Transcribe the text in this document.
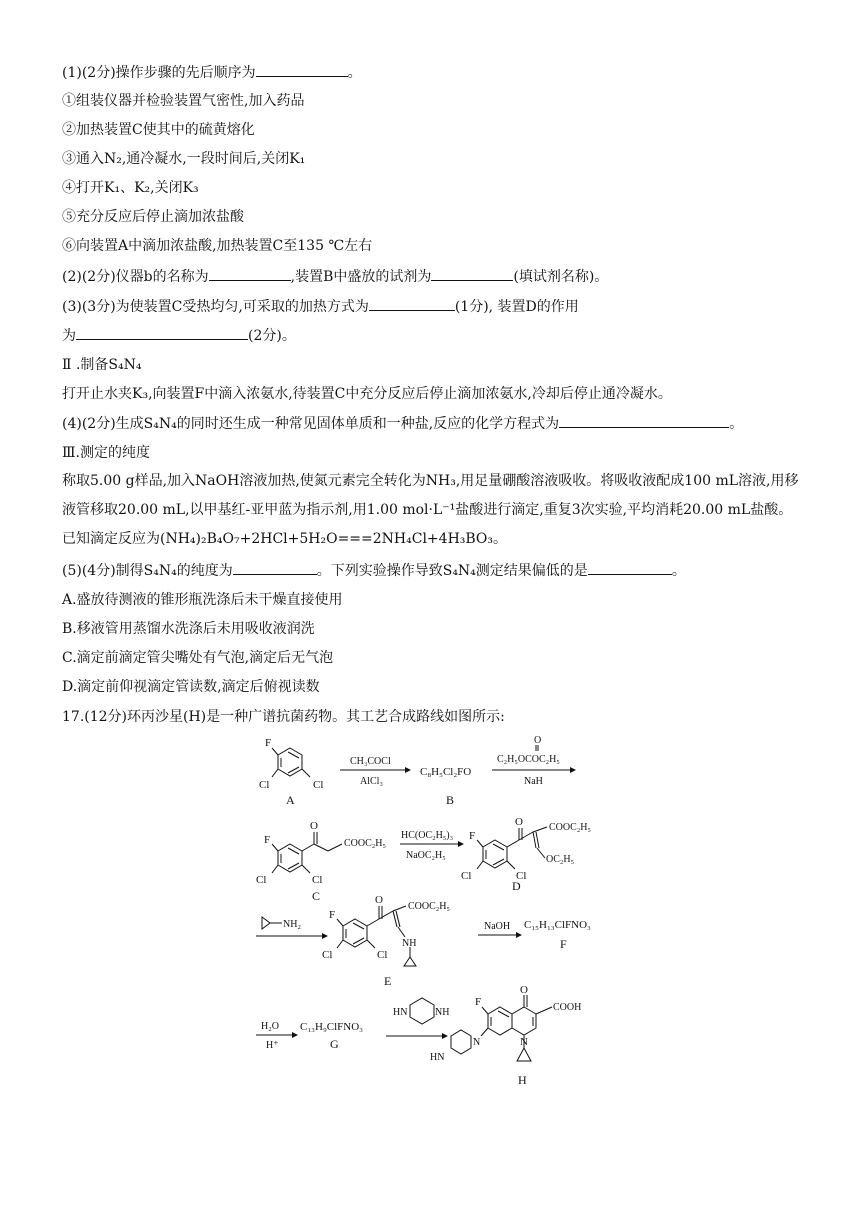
(1)(2分)操作步骤的先后顺序为	。
①组装仪器并检验装置气密性,加入药品
②加热装置C使其中的硫黄熔化
③通入N₂,通冷凝水,一段时间后,关闭K₁
④打开K₁、K₂,关闭K₃
⑤充分反应后停止滴加浓盐酸
⑥向装置A中滴加浓盐酸,加热装置C至135 ℃左右
(2)(2分)仪器b的名称为	,装置B中盛放的试剂为	(填试剂名称)。
(3)(3分)为使装置C受热均匀,可采取的加热方式为	(1分), 装置D的作用
为	(2分)。
Ⅱ .制备S₄N₄
打开止水夹K₃,向装置F中滴入浓氨水,待装置C中充分反应后停止滴加浓氨水,冷却后停止通冷凝水。
(4)(2分)生成S₄N₄的同时还生成一种常见固体单质和一种盐,反应的化学方程式为	。
Ⅲ.测定的纯度
称取5.00 g样品,加入NaOH溶液加热,使氮元素完全转化为NH₃,用足量硼酸溶液吸收。将吸收液配成100 mL溶液,用移液管移取20.00 mL,以甲基红-亚甲蓝为指示剂,用1.00 mol·L⁻¹盐酸进行滴定,重复3次实验,平均消耗20.00 mL盐酸。已知滴定反应为(NH₄)₂B₄O₇+2HCl+5H₂O===2NH₄Cl+4H₃BO₃。
(5)(4分)制得S₄N₄的纯度为	。下列实验操作导致S₄N₄测定结果偏低的是	。
A.盛放待测液的锥形瓶洗涤后未干燥直接使用
B.移液管用蒸馏水洗涤后未用吸收液润洗
C.滴定前滴定管尖嘴处有气泡,滴定后无气泡
D.滴定前仰视滴定管读数,滴定后俯视读数
17.(12分)环丙沙星(H)是一种广谱抗菌药物。其工艺合成路线如图所示:
F
Cl	Cl
A
CH₃COCl
AlCl₃
C₈H₅Cl₂FO
B
O
C₂H₅OCOC₂H₅
NaH
O
COOC₂H₅
F
Cl	Cl
C
HC(OC₂H₅)₃
NaOC₂H₅
O	COOC₂H₅
OC₂H₅
F
Cl	Cl
D
NH₂
O
COOC₂H₅
NH
F
Cl	Cl
E
NaOH C₁₅H₁₃ClFNO₃
F
H₂O
H⁺
C₁₃H₉ClFNO₃
G
HN	NH
O
COOH
F
N
N
HN
H
